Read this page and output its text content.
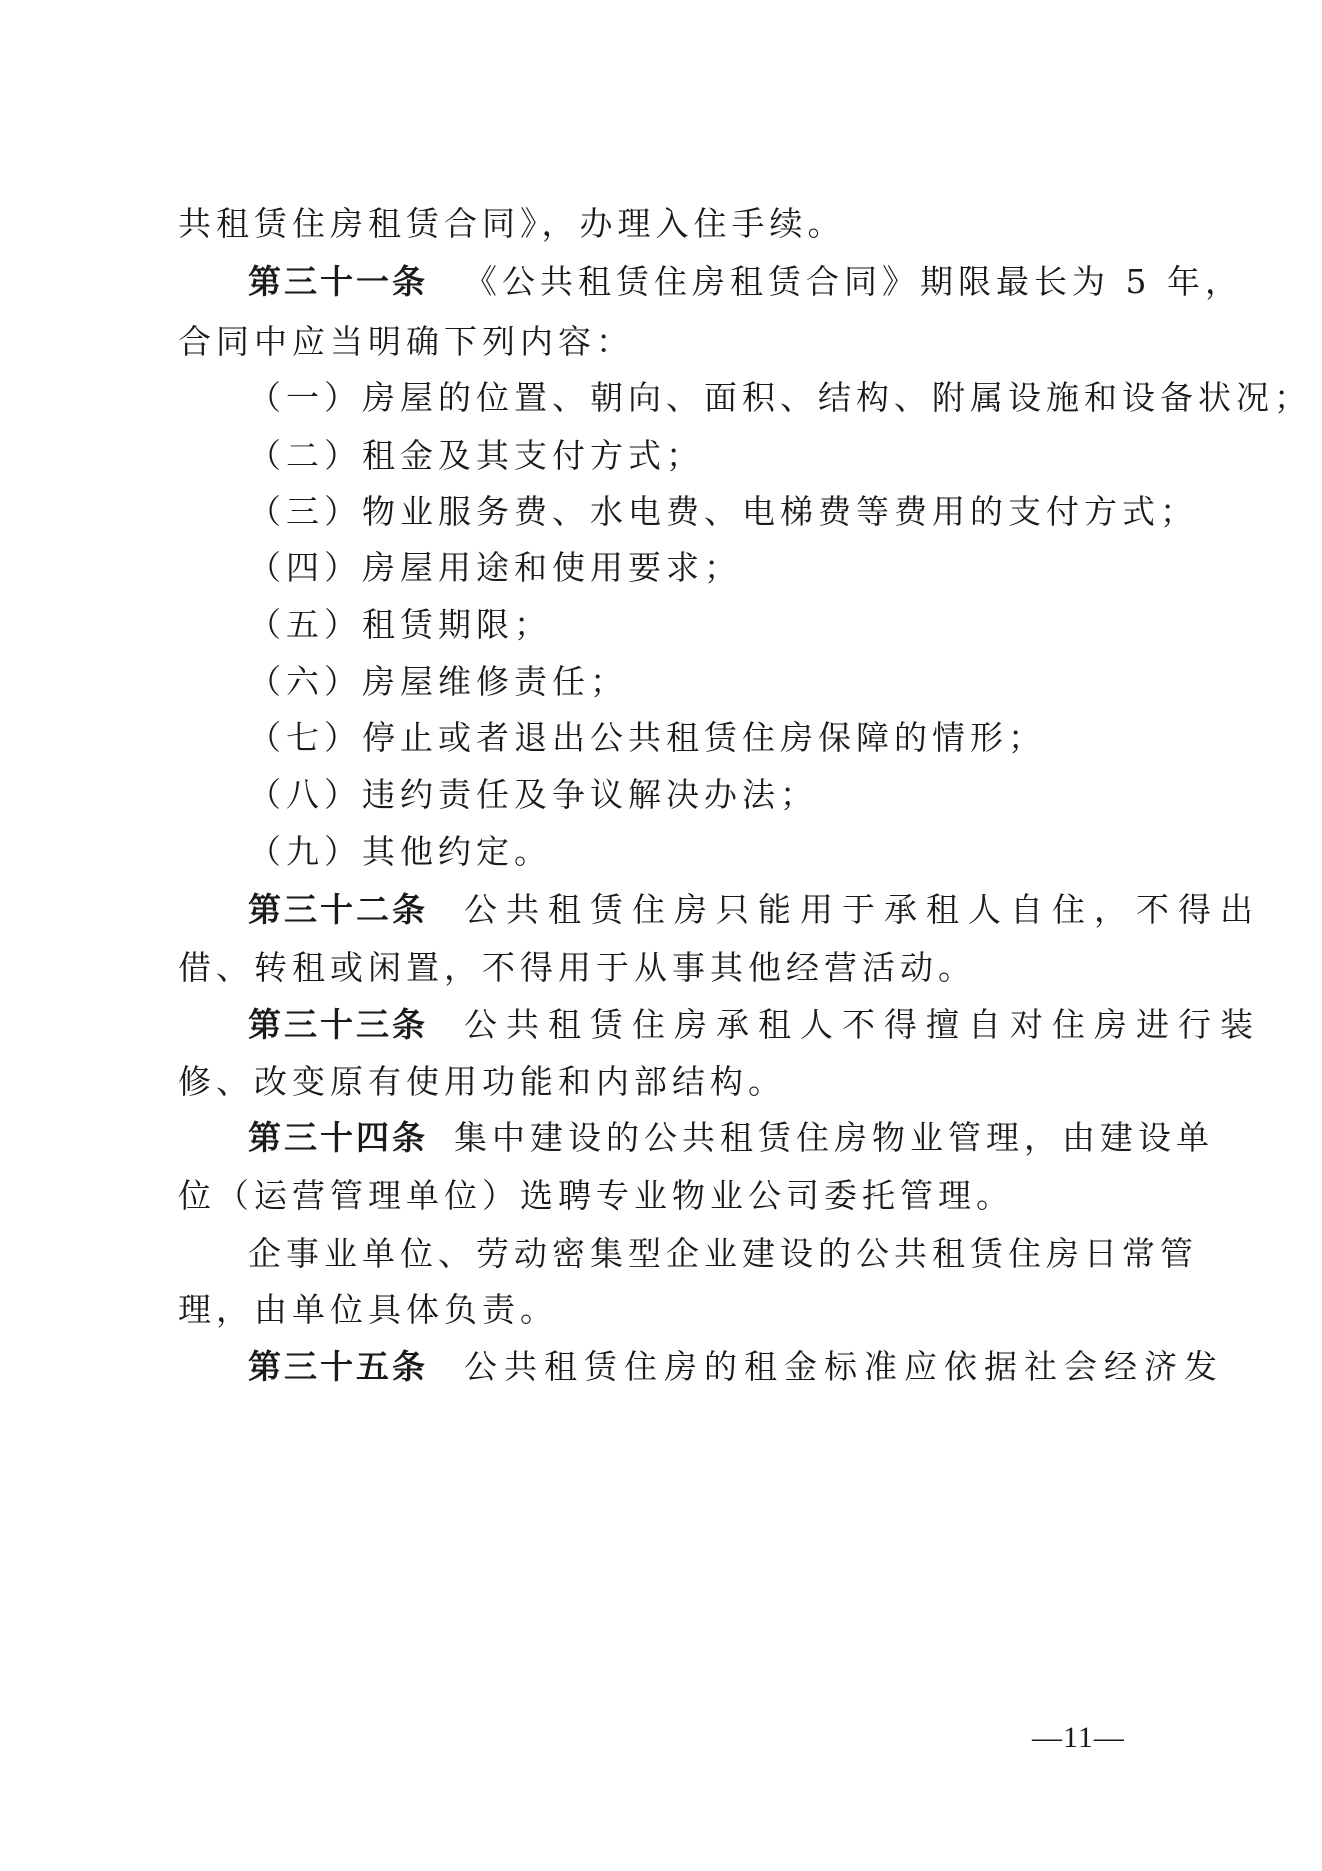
共租赁住房租赁合同》，办理入住手续。
第三十一条 《公共租赁住房租赁合同》期限最长为 5 年，
合同中应当明确下列内容：
（一）房屋的位置、朝向、面积、结构、附属设施和设备状况；
（二）租金及其支付方式；
（三）物业服务费、水电费、电梯费等费用的支付方式；
（四）房屋用途和使用要求；
（五）租赁期限；
（六）房屋维修责任；
（七）停止或者退出公共租赁住房保障的情形；
（八）违约责任及争议解决办法；
（九）其他约定。
第三十二条 公共租赁住房只能用于承租人自住，不得出
借、转租或闲置，不得用于从事其他经营活动。
第三十三条 公共租赁住房承租人不得擅自对住房进行装
修、改变原有使用功能和内部结构。
第三十四条 集中建设的公共租赁住房物业管理，由建设单
位（运营管理单位）选聘专业物业公司委托管理。
企事业单位、劳动密集型企业建设的公共租赁住房日常管
理，由单位具体负责。
第三十五条 公共租赁住房的租金标准应依据社会经济发
—11—
